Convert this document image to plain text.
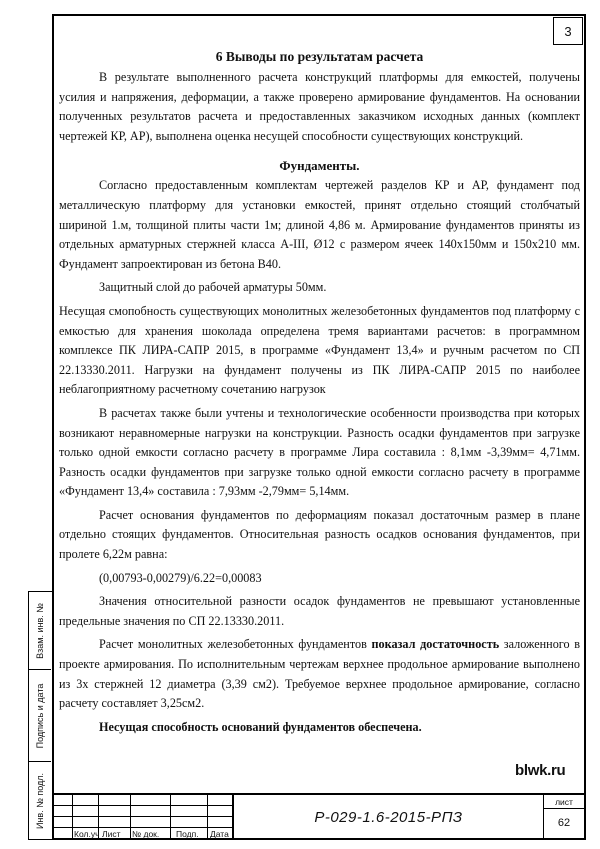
3
Взам. инв. №
Подпись и дата
Инв. № подл.
6 Выводы по результатам расчета

В результате выполненного расчета конструкций платформы для емкостей, получены усилия и напряжения, деформации, а также проверено армирование фундаментов. На основании полученных результатов расчета и предоставленных заказчиком исходных данных (комплект чертежей КР, АР), выполнена оценка несущей способности существующих конструкций.

Фундаменты.

Согласно предоставленным комплектам чертежей разделов КР и АР, фундамент под металлическую платформу для установки емкостей, принят отдельно стоящий столбчатый шириной 1.м, толщиной плиты части 1м; длиной 4,86 м. Армирование фундаментов приняты из отдельных арматурных стержней класса А-III, Ø12 с размером ячеек 140х150мм и 150х210 мм. Фундамент запроектирован из бетона В40.

Защитный слой до рабочей арматуры 50мм.

Несущая смопобность существующих монолитных железобетонных фундаментов под платформу с емкостью для хранения шоколада определена тремя вариантами расчетов: в программном комплексе ПК ЛИРА-САПР 2015, в программе «Фундамент 13,4» и ручным расчетом по СП 22.13330.2011. Нагрузки на фундамент получены из ПК ЛИРА-САПР 2015 по наиболее неблагоприятному расчетному сочетанию нагрузок

В расчетах также были учтены и технологические особенности производства при которых возникают неравномерные нагрузки на конструкции. Разность осадки фундаментов при загрузке только одной емкости согласно расчету в программе Лира составила : 8,1мм -3,39мм= 4,71мм. Разность осадки фундаментов при загрузке только одной емкости согласно расчету в программе «Фундамент 13,4» составила : 7,93мм -2,79мм= 5,14мм.

Расчет основания фундаментов по деформациям показал достаточным размер в плане отдельно стоящих фундаментов. Относительная разность осадков основания фундаментов, при пролете 6,22м равна:

(0,00793-0,00279)/6.22=0,00083

Значения относительной разности осадок фундаментов не превышают установленные предельные значения по СП 22.13330.2011.

Расчет монолитных железобетонных фундаментов показал достаточность заложенного в проекте армирования. По исполнительным чертежам верхнее продольное армирование выполнено из 3х стержней 12 диаметра (3,39 см2). Требуемое верхнее продольное армирование, согласно расчету составляет 3,25см2.

Несущая способность оснований фундаментов обеспечена.

blwk.ru
Кол.уч Лист № док. Подп. Дата
Р-029-1.6-2015-РПЗ
лист
62
